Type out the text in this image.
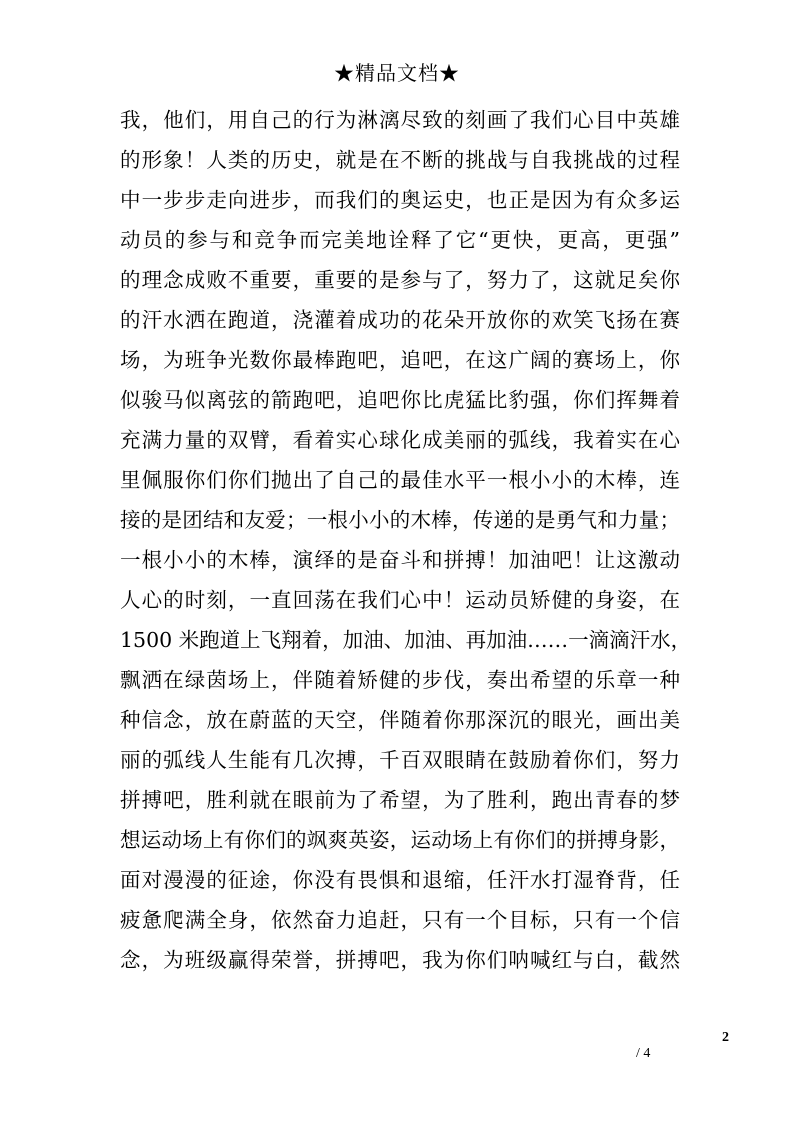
★精品文档★
我，他们，用自己的行为淋漓尽致的刻画了我们心目中英雄
的形象！人类的历史，就是在不断的挑战与自我挑战的过程
中一步步走向进步，而我们的奥运史，也正是因为有众多运
动员的参与和竞争而完美地诠释了它“更快，更高，更强”
的理念成败不重要，重要的是参与了，努力了，这就足矣你
的汗水洒在跑道，浇灌着成功的花朵开放你的欢笑飞扬在赛
场，为班争光数你最棒跑吧，追吧，在这广阔的赛场上，你
似骏马似离弦的箭跑吧，追吧你比虎猛比豹强，你们挥舞着
充满力量的双臂，看着实心球化成美丽的弧线，我着实在心
里佩服你们你们抛出了自己的最佳水平一根小小的木棒，连
接的是团结和友爱；一根小小的木棒，传递的是勇气和力量；
一根小小的木棒，演绎的是奋斗和拼搏！加油吧！让这激动
人心的时刻，一直回荡在我们心中！运动员矫健的身姿，在
1500 米跑道上飞翔着，加油、加油、再加油……一滴滴汗水，
飘洒在绿茵场上，伴随着矫健的步伐，奏出希望的乐章一种
种信念，放在蔚蓝的天空，伴随着你那深沉的眼光，画出美
丽的弧线人生能有几次搏，千百双眼睛在鼓励着你们，努力
拼搏吧，胜利就在眼前为了希望，为了胜利，跑出青春的梦
想运动场上有你们的飒爽英姿，运动场上有你们的拼搏身影，
面对漫漫的征途，你没有畏惧和退缩，任汗水打湿脊背，任
疲惫爬满全身，依然奋力追赶，只有一个目标，只有一个信
念，为班级赢得荣誉，拼搏吧，我为你们呐喊红与白，截然
2
/ 4
